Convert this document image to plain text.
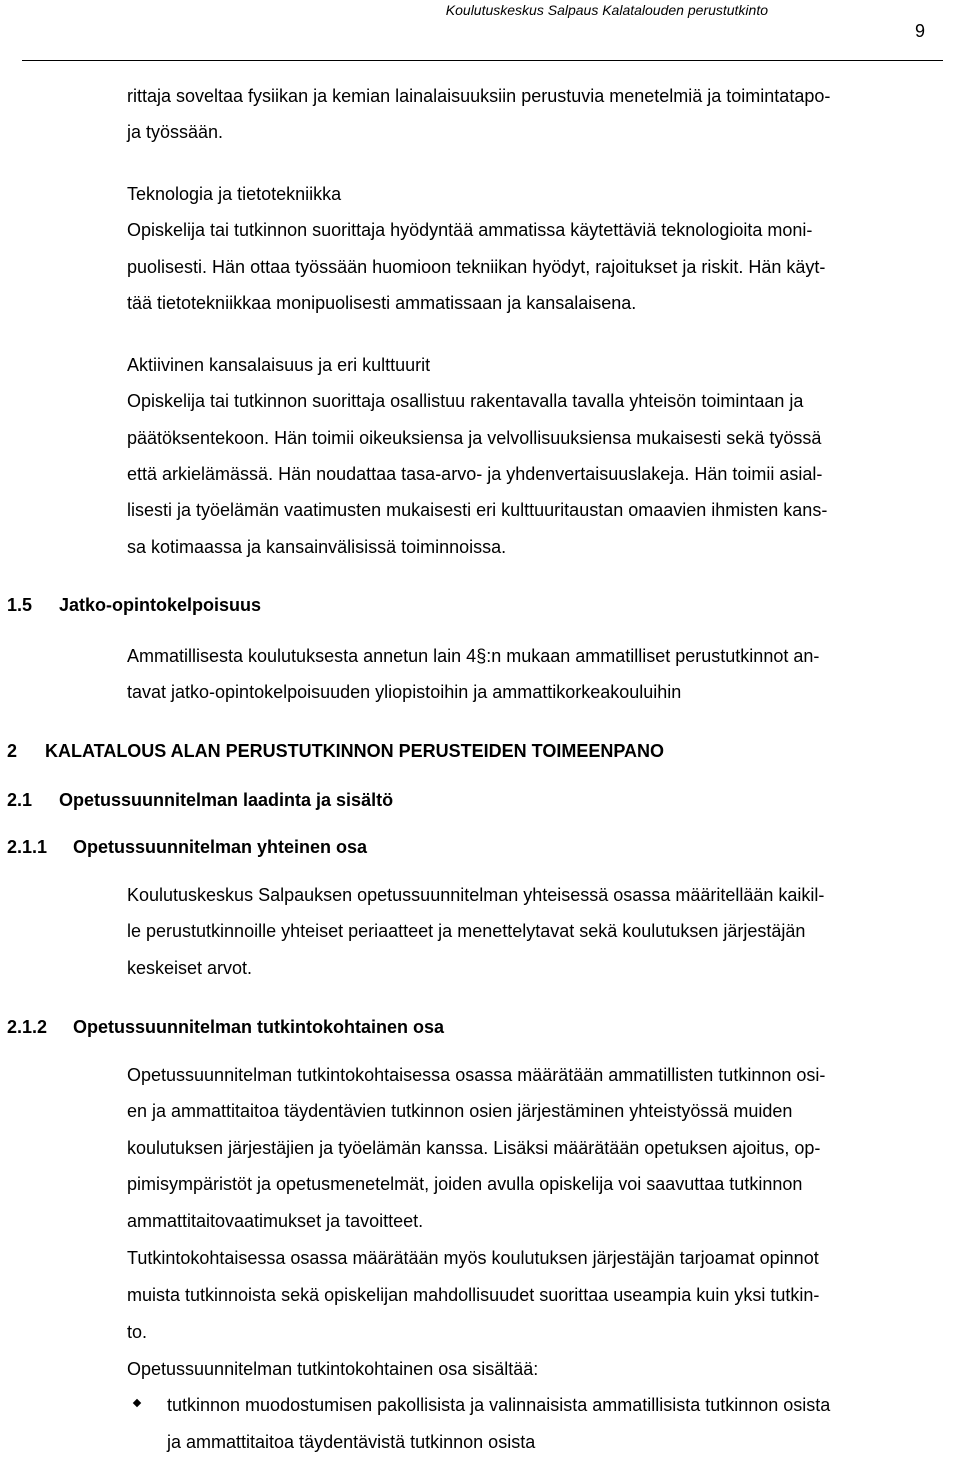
Koulutuskeskus Salpaus Kalatalouden perustutkinto
9
rittaja soveltaa fysiikan ja kemian lainalaisuuksiin perustuvia menetelmiä ja toimintatapo-
ja työssään.
Teknologia ja tietotekniikka
Opiskelija tai tutkinnon suorittaja hyödyntää ammatissa käytettäviä teknologioita moni-
puolisesti. Hän ottaa työssään huomioon tekniikan hyödyt, rajoitukset ja riskit. Hän käyt-
tää tietotekniikkaa monipuolisesti ammatissaan ja kansalaisena.
Aktiivinen kansalaisuus ja eri kulttuurit
Opiskelija tai tutkinnon suorittaja osallistuu rakentavalla tavalla yhteisön toimintaan ja
päätöksentekoon. Hän toimii oikeuksiensa ja velvollisuuksiensa mukaisesti sekä työssä
että arkielämässä. Hän noudattaa tasa-arvo- ja yhdenvertaisuuslakeja. Hän toimii asial-
lisesti ja työelämän vaatimusten mukaisesti eri kulttuuritaustan omaavien ihmisten kans-
sa kotimaassa ja kansainvälisissä toiminnoissa.
1.5 Jatko-opintokelpoisuus
Ammatillisesta koulutuksesta annetun lain 4§:n mukaan ammatilliset perustutkinnot an-
tavat jatko-opintokelpoisuuden yliopistoihin ja ammattikorkeakouluihin
2 KALATALOUS ALAN PERUSTUTKINNON PERUSTEIDEN TOIMEENPANO
2.1 Opetussuunnitelman laadinta ja sisältö
2.1.1 Opetussuunnitelman yhteinen osa
Koulutuskeskus Salpauksen opetussuunnitelman yhteisessä osassa määritellään kaikil-
le perustutkinnoille yhteiset periaatteet ja menettelytavat sekä koulutuksen järjestäjän
keskeiset arvot.
2.1.2 Opetussuunnitelman tutkintokohtainen osa
Opetussuunnitelman tutkintokohtaisessa osassa määrätään ammatillisten tutkinnon osi-
en ja ammattitaitoa täydentävien tutkinnon osien järjestäminen yhteistyössä muiden
koulutuksen järjestäjien ja työelämän kanssa. Lisäksi määrätään opetuksen ajoitus, op-
pimisympäristöt ja opetusmenetelmät, joiden avulla opiskelija voi saavuttaa tutkinnon
ammattitaitovaatimukset ja tavoitteet.
Tutkintokohtaisessa osassa määrätään myös koulutuksen järjestäjän tarjoamat opinnot
muista tutkinnoista sekä opiskelijan mahdollisuudet suorittaa useampia kuin yksi tutkin-
to.
Opetussuunnitelman tutkintokohtainen osa sisältää:
tutkinnon muodostumisen pakollisista ja valinnaisista ammatillisista tutkinnon osista
ja ammattitaitoa täydentävistä tutkinnon osista
